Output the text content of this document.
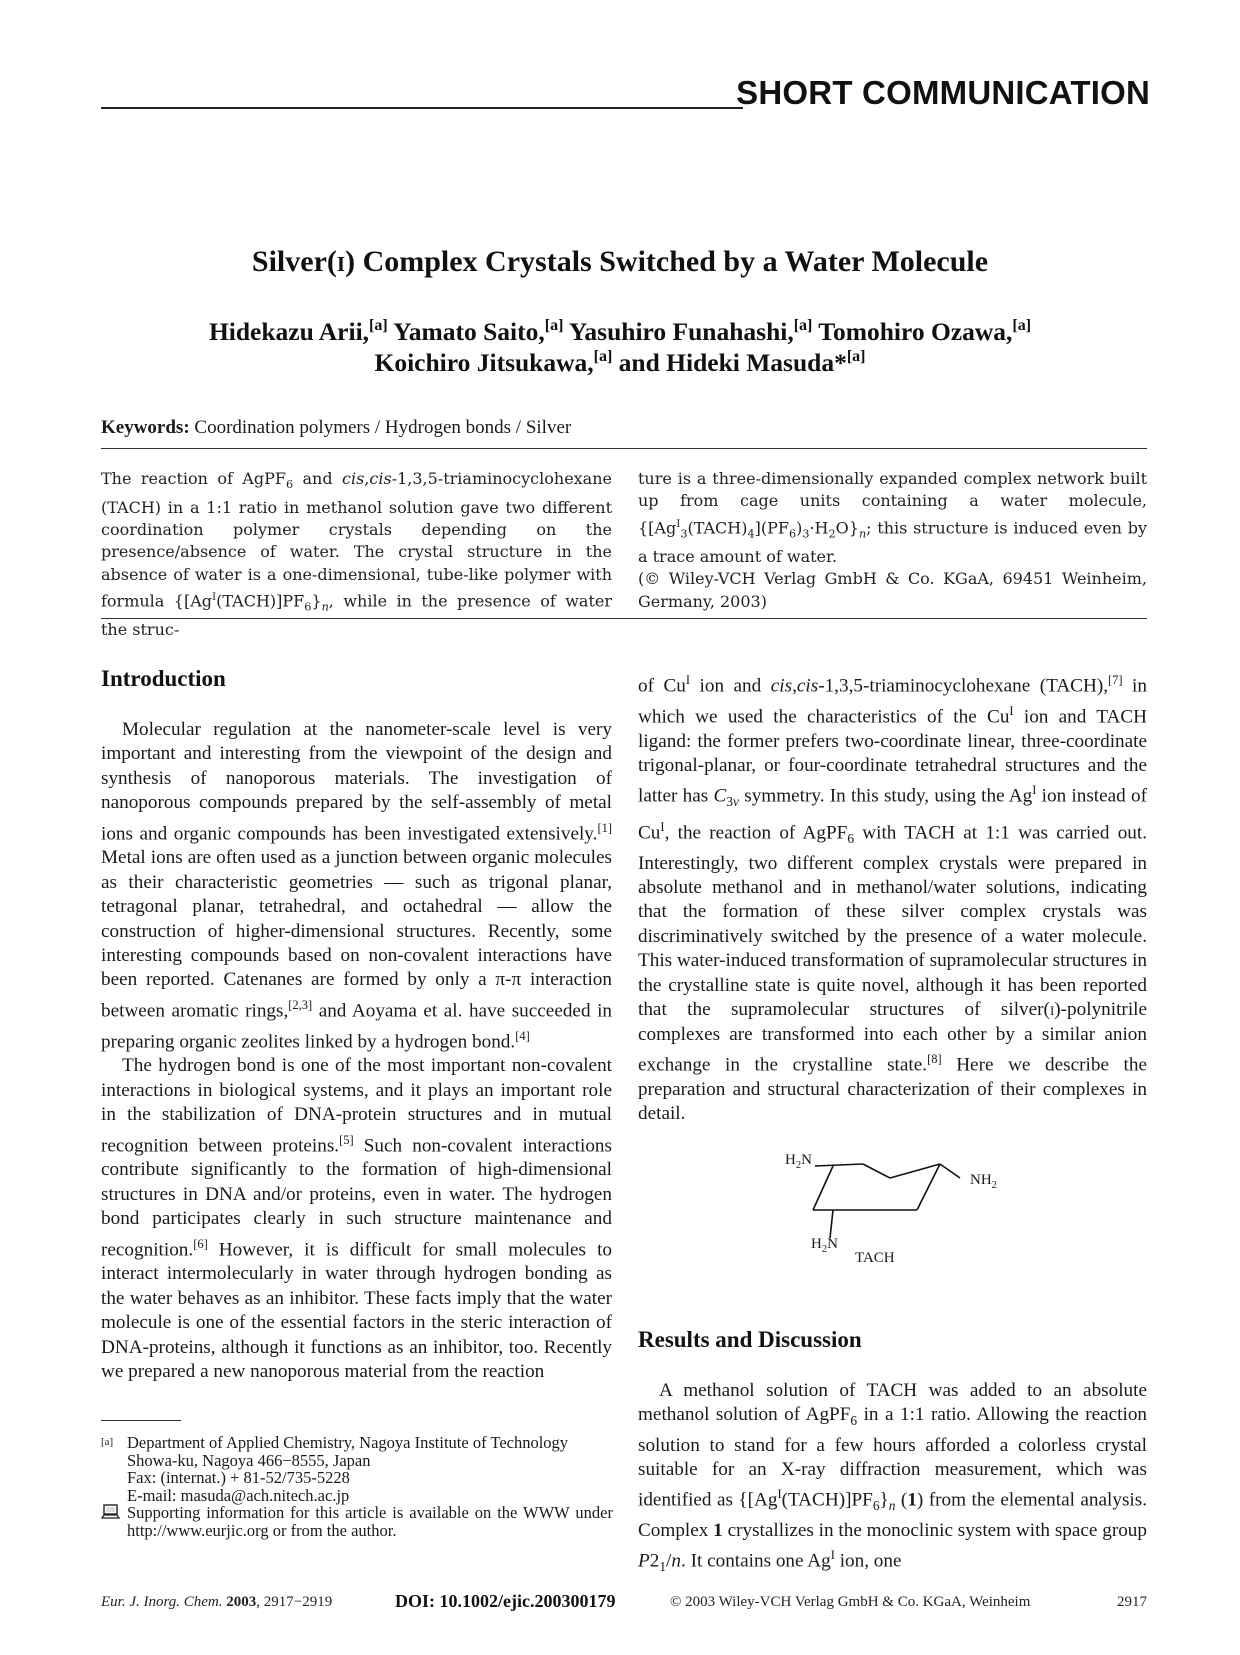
SHORT COMMUNICATION
Silver(i) Complex Crystals Switched by a Water Molecule
Hidekazu Arii,[a] Yamato Saito,[a] Yasuhiro Funahashi,[a] Tomohiro Ozawa,[a]
Koichiro Jitsukawa,[a] and Hideki Masuda*[a]
Keywords: Coordination polymers / Hydrogen bonds / Silver

The reaction of AgPF$_6$ and cis,cis-1,3,5-triaminocyclohexane (TACH) in a 1:1 ratio in methanol solution gave two different coordination polymer crystals depending on the presence/absence of water. The crystal structure in the absence of water is a one-dimensional, tube-like polymer with formula $\{[Ag^I(TACH)]PF_6\}_n$, while in the presence of water the struc-

ture is a three-dimensionally expanded complex network built up from cage units containing a water molecule, $\{[Ag^I_3(TACH)_4](PF_6)_3\cdot H_2O\}_n$; this structure is induced even by a trace amount of water.

(© Wiley-VCH Verlag GmbH & Co. KGaA, 69451 Weinheim, Germany, 2003)

Introduction

Molecular regulation at the nanometer-scale level is very important and interesting from the viewpoint of the design and synthesis of nanoporous materials. The investigation of nanoporous compounds prepared by the self-assembly of metal ions and organic compounds has been investigated extensively.[1] Metal ions are often used as a junction between organic molecules as their characteristic geometries — such as trigonal planar, tetragonal planar, tetrahedral, and octahedral — allow the construction of higher-dimensional structures. Recently, some interesting compounds based on non-covalent interactions have been reported. Catenanes are formed by only a π-π interaction between aromatic rings,[2,3] and Aoyama et al. have succeeded in preparing organic zeolites linked by a hydrogen bond.[4]

The hydrogen bond is one of the most important non-covalent interactions in biological systems, and it plays an important role in the stabilization of DNA-protein structures and in mutual recognition between proteins.[5] Such non-covalent interactions contribute significantly to the formation of high-dimensional structures in DNA and/or proteins, even in water. The hydrogen bond participates clearly in such structure maintenance and recognition.[6] However, it is difficult for small molecules to interact intermolecularly in water through hydrogen bonding as the water behaves as an inhibitor. These facts imply that the water molecule is one of the essential factors in the steric interaction of DNA-proteins, although it functions as an inhibitor, too. Recently we prepared a new nanoporous material from the reaction

[a] Department of Applied Chemistry, Nagoya Institute of Technology
Showa-ku, Nagoya 466−8555, Japan
Fax: (internat.) + 81-52/735-5228
E-mail: masuda@ach.nitech.ac.jp
Supporting information for this article is available on the WWW under http://www.eurjic.org or from the author.

of $Cu^I$ ion and cis,cis-1,3,5-triaminocyclohexane (TACH),[7] in which we used the characteristics of the $Cu^I$ ion and TACH ligand: the former prefers two-coordinate linear, three-coordinate trigonal-planar, or four-coordinate tetrahedral structures and the latter has $C_{3v}$ symmetry. In this study, using the $Ag^I$ ion instead of $Cu^I$, the reaction of AgPF$_6$ with TACH at 1:1 was carried out. Interestingly, two different complex crystals were prepared in absolute methanol and in methanol/water solutions, indicating that the formation of these silver complex crystals was discriminatively switched by the presence of a water molecule. This water-induced transformation of supramolecular structures in the crystalline state is quite novel, although it has been reported that the supramolecular structures of silver(i)-polynitrile complexes are transformed into each other by a similar anion exchange in the crystalline state.[8] Here we describe the preparation and structural characterization of their complexes in detail.

$H_2N$
$NH_2$
$H_2N$
TACH
Results and Discussion

A methanol solution of TACH was added to an absolute methanol solution of AgPF$_6$ in a 1:1 ratio. Allowing the reaction solution to stand for a few hours afforded a colorless crystal suitable for an X-ray diffraction measurement, which was identified as $\{[Ag^I(TACH)]PF_6\}_n$ (1) from the elemental analysis. Complex 1 crystallizes in the monoclinic system with space group $P2_1/n$. It contains one $Ag^I$ ion, one

Eur. J. Inorg. Chem. 2003, 2917−2919	DOI: 10.1002/ejic.200300179	© 2003 Wiley-VCH Verlag GmbH & Co. KGaA, Weinheim	2917
